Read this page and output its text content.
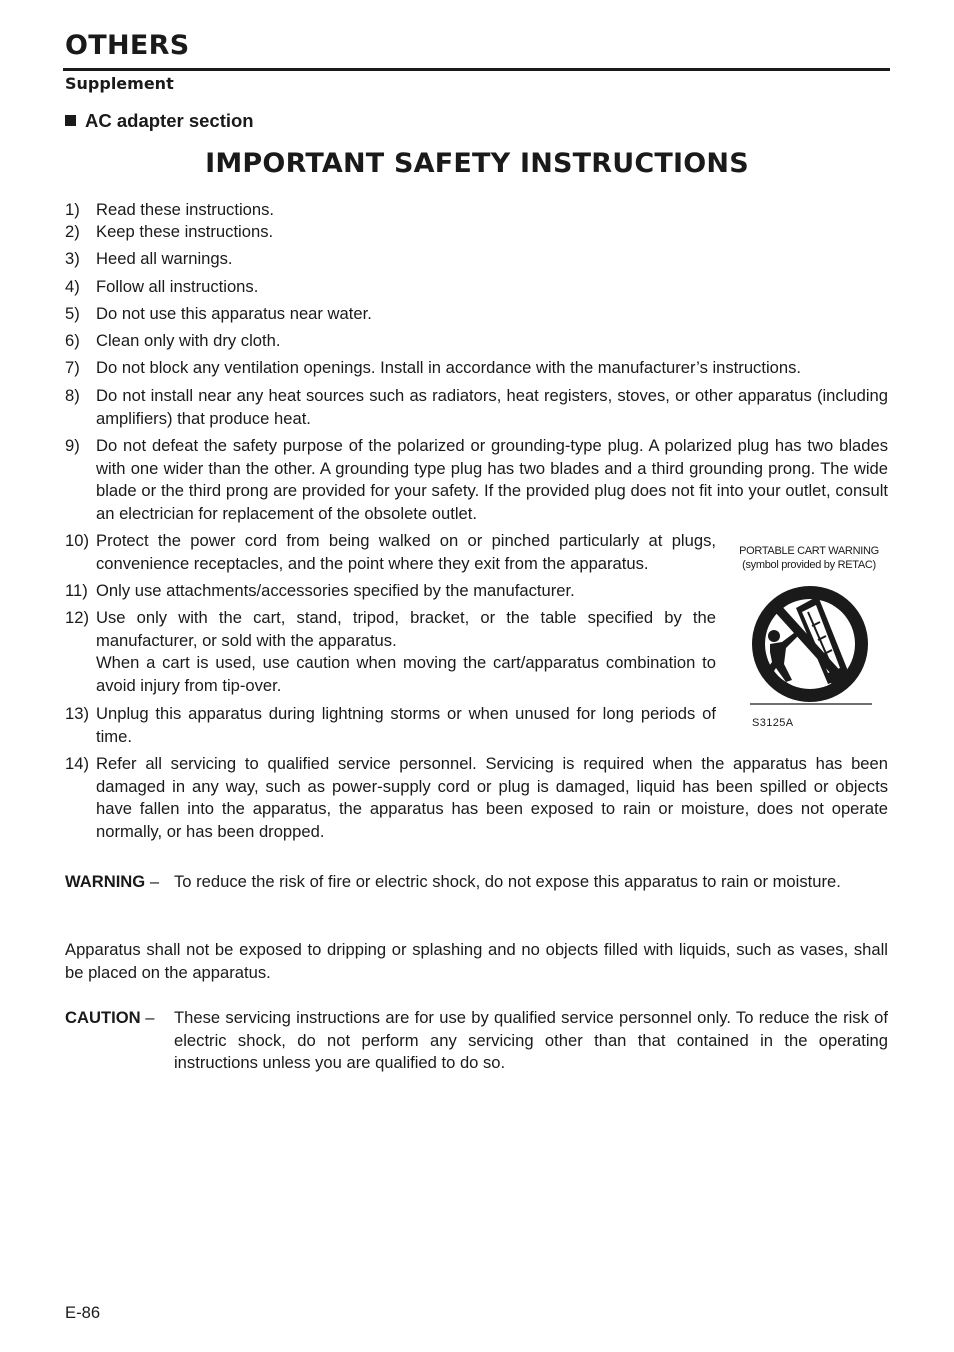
OTHERS
Supplement
AC adapter section
IMPORTANT SAFETY INSTRUCTIONS
1) Read these instructions.
2) Keep these instructions.
3) Heed all warnings.
4) Follow all instructions.
5) Do not use this apparatus near water.
6) Clean only with dry cloth.
7) Do not block any ventilation openings. Install in accordance with the manufacturer’s instructions.
8) Do not install near any heat sources such as radiators, heat registers, stoves, or other apparatus (including amplifiers) that produce heat.
9) Do not defeat the safety purpose of the polarized or grounding-type plug. A polarized plug has two blades with one wider than the other. A grounding type plug has two blades and a third grounding prong. The wide blade or the third prong are provided for your safety. If the provided plug does not fit into your outlet, consult an electrician for replacement of the obsolete outlet.
10) Protect the power cord from being walked on or pinched particularly at plugs, convenience receptacles, and the point where they exit from the apparatus.
11) Only use attachments/accessories specified by the manufacturer.
12) Use only with the cart, stand, tripod, bracket, or the table specified by the manufacturer, or sold with the apparatus.
When a cart is used, use caution when moving the cart/apparatus combination to avoid injury from tip-over.
13) Unplug this apparatus during lightning storms or when unused for long periods of time.
14) Refer all servicing to qualified service personnel. Servicing is required when the apparatus has been damaged in any way, such as power-supply cord or plug is damaged, liquid has been spilled or objects have fallen into the apparatus, the apparatus has been exposed to rain or moisture, does not operate normally, or has been dropped.
PORTABLE CART WARNING
(symbol provided by RETAC)
S3125A
WARNING – To reduce the risk of fire or electric shock, do not expose this apparatus to rain or moisture.
Apparatus shall not be exposed to dripping or splashing and no objects filled with liquids, such as vases, shall be placed on the apparatus.
CAUTION – These servicing instructions are for use by qualified service personnel only. To reduce the risk of electric shock, do not perform any servicing other than that contained in the operating instructions unless you are qualified to do so.
E-86
